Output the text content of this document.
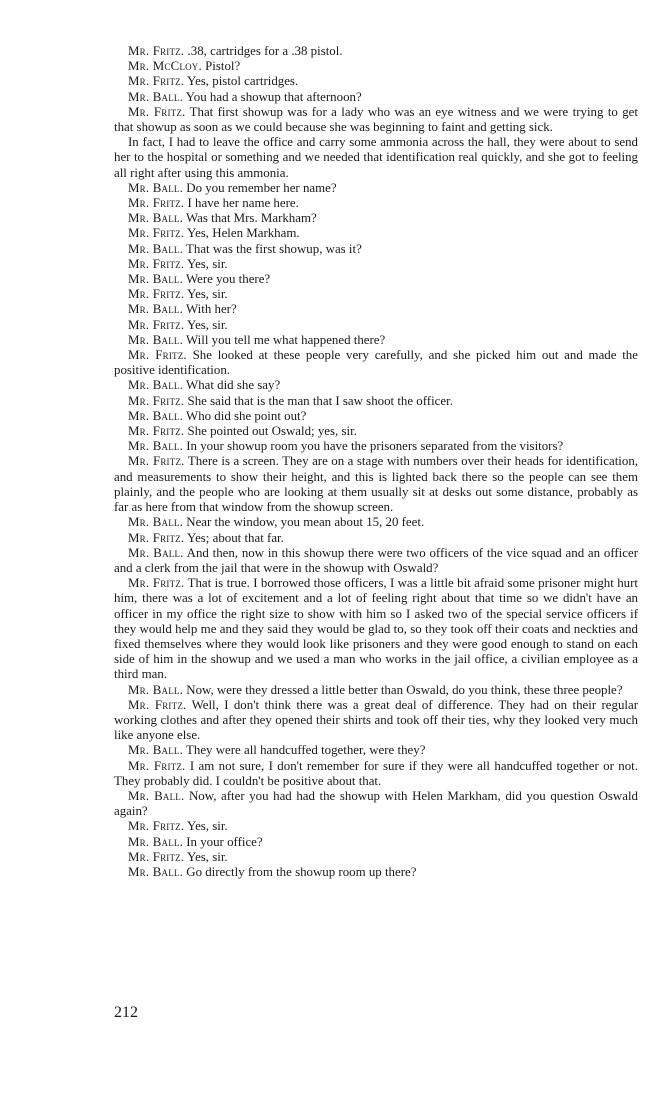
Mr. Fritz. .38, cartridges for a .38 pistol.

Mr. McCloy. Pistol?

Mr. Fritz. Yes, pistol cartridges.

Mr. Ball. You had a showup that afternoon?

Mr. Fritz. That first showup was for a lady who was an eye witness and we were trying to get that showup as soon as we could because she was beginning to faint and getting sick.

In fact, I had to leave the office and carry some ammonia across the hall, they were about to send her to the hospital or something and we needed that identification real quickly, and she got to feeling all right after using this ammonia.

Mr. Ball. Do you remember her name?

Mr. Fritz. I have her name here.

Mr. Ball. Was that Mrs. Markham?

Mr. Fritz. Yes, Helen Markham.

Mr. Ball. That was the first showup, was it?

Mr. Fritz. Yes, sir.

Mr. Ball. Were you there?

Mr. Fritz. Yes, sir.

Mr. Ball. With her?

Mr. Fritz. Yes, sir.

Mr. Ball. Will you tell me what happened there?

Mr. Fritz. She looked at these people very carefully, and she picked him out and made the positive identification.

Mr. Ball. What did she say?

Mr. Fritz. She said that is the man that I saw shoot the officer.

Mr. Ball. Who did she point out?

Mr. Fritz. She pointed out Oswald; yes, sir.

Mr. Ball. In your showup room you have the prisoners separated from the visitors?

Mr. Fritz. There is a screen. They are on a stage with numbers over their heads for identification, and measurements to show their height, and this is lighted back there so the people can see them plainly, and the people who are looking at them usually sit at desks out some distance, probably as far as here from that window from the showup screen.

Mr. Ball. Near the window, you mean about 15, 20 feet.

Mr. Fritz. Yes; about that far.

Mr. Ball. And then, now in this showup there were two officers of the vice squad and an officer and a clerk from the jail that were in the showup with Oswald?

Mr. Fritz. That is true. I borrowed those officers, I was a little bit afraid some prisoner might hurt him, there was a lot of excitement and a lot of feeling right about that time so we didn't have an officer in my office the right size to show with him so I asked two of the special service officers if they would help me and they said they would be glad to, so they took off their coats and neckties and fixed themselves where they would look like prisoners and they were good enough to stand on each side of him in the showup and we used a man who works in the jail office, a civilian employee as a third man.

Mr. Ball. Now, were they dressed a little better than Oswald, do you think, these three people?

Mr. Fritz. Well, I don't think there was a great deal of difference. They had on their regular working clothes and after they opened their shirts and took off their ties, why they looked very much like anyone else.

Mr. Ball. They were all handcuffed together, were they?

Mr. Fritz. I am not sure, I don't remember for sure if they were all handcuffed together or not. They probably did. I couldn't be positive about that.

Mr. Ball. Now, after you had had the showup with Helen Markham, did you question Oswald again?

Mr. Fritz. Yes, sir.

Mr. Ball. In your office?

Mr. Fritz. Yes, sir.

Mr. Ball. Go directly from the showup room up there?

212
